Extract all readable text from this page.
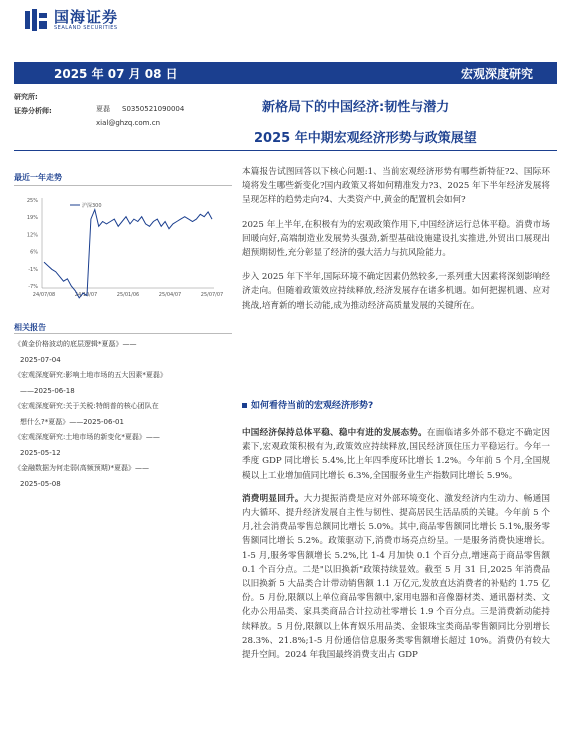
国海证券
SEALAND SECURITIES
2025 年 07 月 08 日	宏观深度研究
研究所:
证券分析师:	夏磊 S0350521090004
xial@ghzq.com.cn
新格局下的中国经济:韧性与潜力
2025 年中期宏观经济形势与政策展望
最近一年走势
25%
19%
12%
6%
-1%
-7%
24/07/08	24/10/07	25/01/06	25/04/07	25/07/07
沪深300
相关报告
《黄金价格波动的底层逻辑*夏磊》——
2025-07-04
《宏观深度研究:影响土地市场的五大因素*夏磊》
——2025-06-18
《宏观深度研究:关于关税:特朗普的核心团队在
想什么?*夏磊》——2025-06-01
《宏观深度研究:土地市场的新变化*夏磊》——
2025-05-12
《金融数据为何走弱(高频预期)*夏磊》——
2025-05-08

本篇报告试图回答以下核心问题:1、当前宏观经济形势有哪些新特征?2、国际环境将发生哪些新变化?国内政策又将如何精准发力?3、2025 年下半年经济发展将呈现怎样的趋势走向?4、大类资产中,黄金的配置机会如何?

2025 年上半年,在积极有为的宏观政策作用下,中国经济运行总体平稳。消费市场回暖向好,高端制造业发展势头强劲,新型基础设施建设扎实推进,外贸出口展现出超预期韧性,充分彰显了经济的强大活力与抗风险能力。

步入 2025 年下半年,国际环境不确定因素仍然较多,一系列重大因素将深刻影响经济走向。但随着政策效应持续释放,经济发展存在诸多机遇。如何把握机遇、应对挑战,培育新的增长动能,成为推动经济高质量发展的关键所在。

如何看待当前的宏观经济形势?

中国经济保持总体平稳、稳中有进的发展态势。在面临诸多外部不稳定不确定因素下,宏观政策积极有为,政策效应持续释放,国民经济顶住压力平稳运行。今年一季度 GDP 同比增长 5.4%,比上年四季度环比增长 1.2%。今年前 5 个月,全国规模以上工业增加值同比增长 6.3%,全国服务业生产指数同比增长 5.9%。

消费明显回升。大力提振消费是应对外部环境变化、激发经济内生动力、畅通国内大循环、提升经济发展自主性与韧性、提高居民生活品质的关键。今年前 5 个月,社会消费品零售总额同比增长 5.0%。其中,商品零售额同比增长 5.1%,服务零售额同比增长 5.2%。政策驱动下,消费市场亮点纷呈。一是服务消费快速增长。1-5 月,服务零售额增长 5.2%,比 1-4 月加快 0.1 个百分点,增速高于商品零售额 0.1 个百分点。二是"以旧换新"政策持续显效。截至 5 月 31 日,2025 年消费品以旧换新 5 大品类合计带动销售额 1.1 万亿元,发放直达消费者的补贴约 1.75 亿份。5 月份,限额以上单位商品零售额中,家用电器和音像器材类、通讯器材类、文化办公用品类、家具类商品合计拉动社零增长 1.9 个百分点。三是消费新动能持续释放。5 月份,限额以上体育娱乐用品类、金银珠宝类商品零售额同比分别增长 28.3%、21.8%;1-5 月份通信信息服务类零售额增长超过 10%。消费仍有较大提升空间。2024 年我国最终消费支出占 GDP
